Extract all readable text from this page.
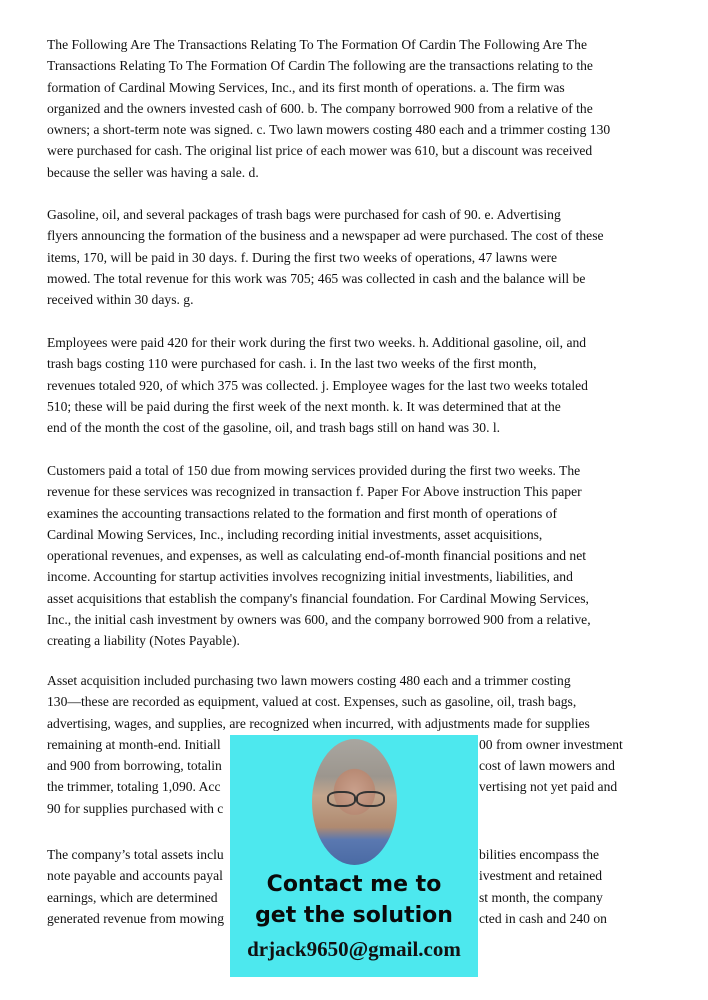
The Following Are The Transactions Relating To The Formation Of Cardin The Following Are The
Transactions Relating To The Formation Of Cardin The following are the transactions relating to the
formation of Cardinal Mowing Services, Inc., and its first month of operations. a. The firm was
organized and the owners invested cash of 600. b. The company borrowed 900 from a relative of the
owners; a short-term note was signed. c. Two lawn mowers costing 480 each and a trimmer costing 130
were purchased for cash. The original list price of each mower was 610, but a discount was received
because the seller was having a sale. d.
Gasoline, oil, and several packages of trash bags were purchased for cash of 90. e. Advertising
flyers announcing the formation of the business and a newspaper ad were purchased. The cost of these
items, 170, will be paid in 30 days. f. During the first two weeks of operations, 47 lawns were
mowed. The total revenue for this work was 705; 465 was collected in cash and the balance will be
received within 30 days. g.
Employees were paid 420 for their work during the first two weeks. h. Additional gasoline, oil, and
trash bags costing 110 were purchased for cash. i. In the last two weeks of the first month,
revenues totaled 920, of which 375 was collected. j. Employee wages for the last two weeks totaled
510; these will be paid during the first week of the next month. k. It was determined that at the
end of the month the cost of the gasoline, oil, and trash bags still on hand was 30. l.
Customers paid a total of 150 due from mowing services provided during the first two weeks. The
revenue for these services was recognized in transaction f. Paper For Above instruction This paper
examines the accounting transactions related to the formation and first month of operations of
Cardinal Mowing Services, Inc., including recording initial investments, asset acquisitions,
operational revenues, and expenses, as well as calculating end-of-month financial positions and net
income. Accounting for startup activities involves recognizing initial investments, liabilities, and
asset acquisitions that establish the company's financial foundation. For Cardinal Mowing Services,
Inc., the initial cash investment by owners was 600, and the company borrowed 900 from a relative,
creating a liability (Notes Payable).
Asset acquisition included purchasing two lawn mowers costing 480 each and a trimmer costing
130—these are recorded as equipment, valued at cost. Expenses, such as gasoline, oil, trash bags,
advertising, wages, and supplies, are recognized when incurred, with adjustments made for supplies
remaining at month-end. Initiall	00 from owner investment
and 900 from borrowing, totalin	cost of lawn mowers and
the trimmer, totaling 1,090. Acc	vertising not yet paid and
90 for supplies purchased with c
The company’s total assets inclu	bilities encompass the
note payable and accounts payal	ivestment and retained
earnings, which are determined	st month, the company
generated revenue from mowing	cted in cash and 240 on
Contact me to
get the solution
drjack9650@gmail.com
